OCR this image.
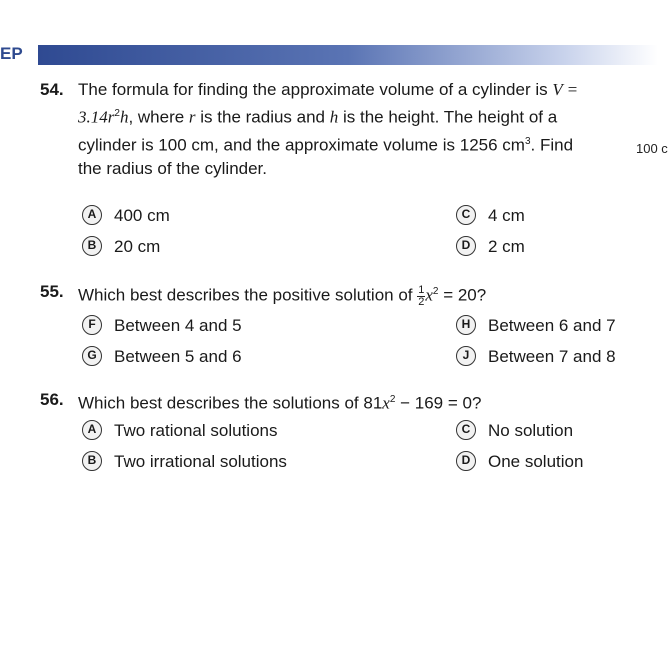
EP
100 c
54. The formula for finding the approximate volume of a cylinder is $V = 3.14r^2h$, where r is the radius and h is the height. The height of a cylinder is 100 cm, and the approximate volume is 1256 $cm^3$. Find the radius of the cylinder.
A 400 cm
B 20 cm
C 4 cm
D 2 cm
55. Which best describes the positive solution of $\frac{1}{2} x^2 = 20$?
F Between 4 and 5
G Between 5 and 6
H Between 6 and 7
J Between 7 and 8
56. Which best describes the solutions of $81x^2 - 169 = 0$?
A Two rational solutions
B Two irrational solutions
C No solution
D One solution
